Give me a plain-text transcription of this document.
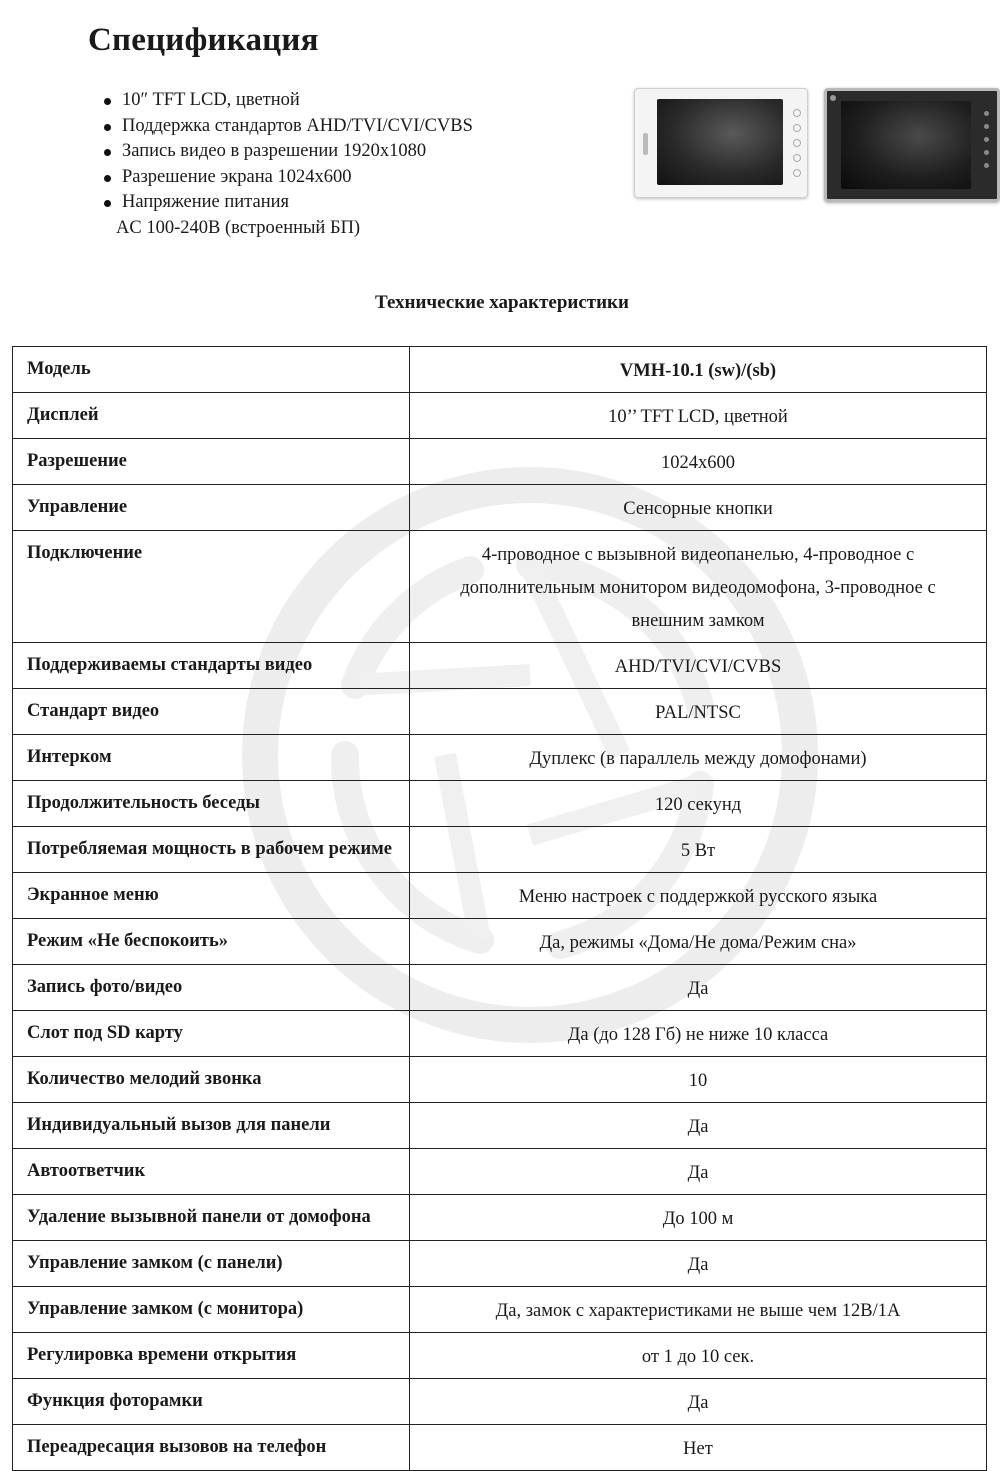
Спецификация
10″ TFT LCD, цветной
Поддержка стандартов AHD/TVI/CVI/CVBS
Запись видео в разрешении 1920х1080
Разрешение экрана 1024х600
Напряжение питания
AC 100-240В (встроенный БП)
Технические характеристики
Модель	VMH-10.1 (sw)/(sb)
Дисплей	10’’ TFT LCD, цветной
Разрешение	1024x600
Управление	Сенсорные кнопки
Подключение	4-проводное с вызывной видеопанелью, 4-проводное с дополнительным монитором видеодомофона, 3-проводное с внешним замком
Поддерживаемы стандарты видео	AHD/TVI/CVI/CVBS
Стандарт видео	PAL/NTSC
Интерком	Дуплекс (в параллель между домофонами)
Продолжительность беседы	120 секунд
Потребляемая мощность в рабочем режиме	5 Вт
Экранное меню	Меню настроек с поддержкой русского языка
Режим «Не беспокоить»	Да, режимы «Дома/Не дома/Режим сна»
Запись фото/видео	Да
Слот под SD карту	Да (до 128 Гб) не ниже 10 класса
Количество мелодий звонка	10
Индивидуальный вызов для панели	Да
Автоответчик	Да
Удаление вызывной панели от домофона	До 100 м
Управление замком (с панели)	Да
Управление замком (с монитора)	Да, замок с характеристиками не выше чем 12В/1А
Регулировка времени открытия	от 1 до 10 сек.
Функция фоторамки	Да
Переадресация вызовов на телефон	Нет
